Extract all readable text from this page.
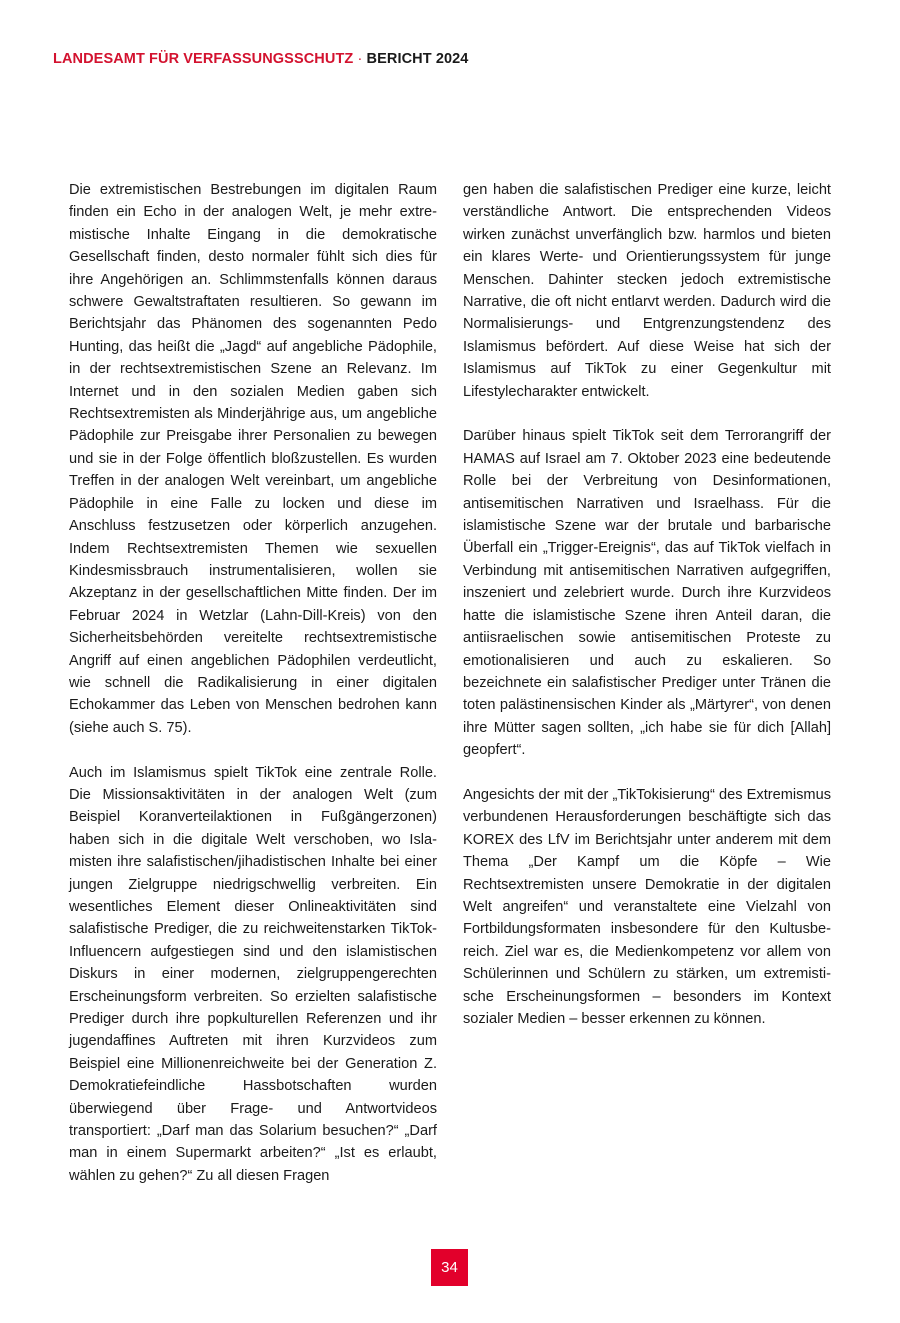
LANDESAMT FÜR VERFASSUNGSSCHUTZ · BERICHT 2024

Die extremistischen Bestrebungen im digitalen Raum finden ein Echo in der analogen Welt, je mehr extremistische Inhalte Eingang in die demokratische Gesellschaft finden, desto normaler fühlt sich dies für ihre Angehörigen an. Schlimmstenfalls können daraus schwere Gewaltstraftaten resultieren. So gewann im Berichtsjahr das Phänomen des sogenannten Pedo Hunting, das heißt die „Jagd“ auf angebliche Pädophile, in der rechtsextremistischen Szene an Relevanz. Im Internet und in den sozialen Medien gaben sich Rechtsextremisten als Minderjährige aus, um angebliche Pädophile zur Preisgabe ihrer Personalien zu bewegen und sie in der Folge öffentlich bloßzustellen. Es wurden Treffen in der analogen Welt vereinbart, um angebliche Pädophile in eine Falle zu locken und diese im Anschluss festzusetzen oder körperlich anzugehen. Indem Rechtsextremisten Themen wie sexuellen Kindesmissbrauch instrumentalisieren, wollen sie Akzeptanz in der gesellschaftlichen Mitte finden. Der im Februar 2024 in Wetzlar (Lahn-Dill-Kreis) von den Sicherheitsbehörden vereitelte rechtsextremistische Angriff auf einen angeblichen Pädophilen verdeutlicht, wie schnell die Radikalisierung in einer digitalen Echokammer das Leben von Menschen bedrohen kann (siehe auch S. 75).

Auch im Islamismus spielt TikTok eine zentrale Rolle. Die Missionsaktivitäten in der analogen Welt (zum Beispiel Koranverteilaktionen in Fußgängerzonen) haben sich in die digitale Welt verschoben, wo Islamisten ihre salafistischen/jihadistischen Inhalte bei einer jungen Zielgruppe niedrigschwellig verbreiten. Ein wesentliches Element dieser Onlineaktivitäten sind salafistische Prediger, die zu reichweitenstarken TikTok-Influencern aufgestiegen sind und den islamistischen Diskurs in einer modernen, zielgruppengerechten Erscheinungsform verbreiten. So erzielten salafistische Prediger durch ihre popkulturellen Referenzen und ihr jugendaffines Auftreten mit ihren Kurzvideos zum Beispiel eine Millionenreichweite bei der Generation Z. Demokratiefeindliche Hassbotschaften wurden überwiegend über Frage- und Antwortvideos transportiert: „Darf man das Solarium besuchen?“ „Darf man in einem Supermarkt arbeiten?“ „Ist es erlaubt, wählen zu gehen?“ Zu all diesen Fragen

gen haben die salafistischen Prediger eine kurze, leicht verständliche Antwort. Die entsprechenden Videos wirken zunächst unverfänglich bzw. harmlos und bieten ein klares Werte- und Orientierungssystem für junge Menschen. Dahinter stecken jedoch extremistische Narrative, die oft nicht entlarvt werden. Dadurch wird die Normalisierungs- und Entgrenzungstendenz des Islamismus befördert. Auf diese Weise hat sich der Islamismus auf TikTok zu einer Gegenkultur mit Lifestylecharakter entwickelt.

Darüber hinaus spielt TikTok seit dem Terrorangriff der HAMAS auf Israel am 7. Oktober 2023 eine bedeutende Rolle bei der Verbreitung von Desinformationen, antisemitischen Narrativen und Israelhass. Für die islamistische Szene war der brutale und barbarische Überfall ein „Trigger-Ereignis“, das auf TikTok vielfach in Verbindung mit antisemitischen Narrativen aufgegriffen, inszeniert und zelebriert wurde. Durch ihre Kurzvideos hatte die islamistische Szene ihren Anteil daran, die antiisraelischen sowie antisemitischen Proteste zu emotionalisieren und auch zu eskalieren. So bezeichnete ein salafistischer Prediger unter Tränen die toten palästinensischen Kinder als „Märtyrer“, von denen ihre Mütter sagen sollten, „ich habe sie für dich [Allah] geopfert“.

Angesichts der mit der „TikTokisierung“ des Extremismus verbundenen Herausforderungen beschäftigte sich das KOREX des LfV im Berichtsjahr unter anderem mit dem Thema „Der Kampf um die Köpfe – Wie Rechtsextremisten unsere Demokratie in der digitalen Welt angreifen“ und veranstaltete eine Vielzahl von Fortbildungsformaten insbesondere für den Kultusbereich. Ziel war es, die Medienkompetenz vor allem von Schülerinnen und Schülern zu stärken, um extremistische Erscheinungsformen – besonders im Kontext sozialer Medien – besser erkennen zu können.

34
